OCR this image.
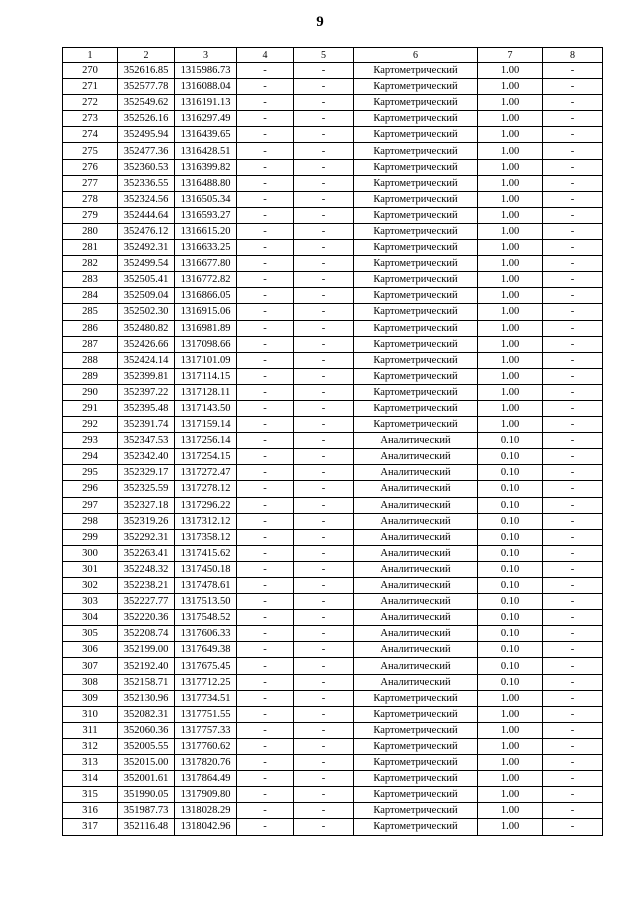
9
1	2	3	4	5	6	7	8
270	352616.85	1315986.73	-	-	Картометрический	1.00	-
271	352577.78	1316088.04	-	-	Картометрический	1.00	-
272	352549.62	1316191.13	-	-	Картометрический	1.00	-
273	352526.16	1316297.49	-	-	Картометрический	1.00	-
274	352495.94	1316439.65	-	-	Картометрический	1.00	-
275	352477.36	1316428.51	-	-	Картометрический	1.00	-
276	352360.53	1316399.82	-	-	Картометрический	1.00	-
277	352336.55	1316488.80	-	-	Картометрический	1.00	-
278	352324.56	1316505.34	-	-	Картометрический	1.00	-
279	352444.64	1316593.27	-	-	Картометрический	1.00	-
280	352476.12	1316615.20	-	-	Картометрический	1.00	-
281	352492.31	1316633.25	-	-	Картометрический	1.00	-
282	352499.54	1316677.80	-	-	Картометрический	1.00	-
283	352505.41	1316772.82	-	-	Картометрический	1.00	-
284	352509.04	1316866.05	-	-	Картометрический	1.00	-
285	352502.30	1316915.06	-	-	Картометрический	1.00	-
286	352480.82	1316981.89	-	-	Картометрический	1.00	-
287	352426.66	1317098.66	-	-	Картометрический	1.00	-
288	352424.14	1317101.09	-	-	Картометрический	1.00	-
289	352399.81	1317114.15	-	-	Картометрический	1.00	-
290	352397.22	1317128.11	-	-	Картометрический	1.00	-
291	352395.48	1317143.50	-	-	Картометрический	1.00	-
292	352391.74	1317159.14	-	-	Картометрический	1.00	-
293	352347.53	1317256.14	-	-	Аналитический	0.10	-
294	352342.40	1317254.15	-	-	Аналитический	0.10	-
295	352329.17	1317272.47	-	-	Аналитический	0.10	-
296	352325.59	1317278.12	-	-	Аналитический	0.10	-
297	352327.18	1317296.22	-	-	Аналитический	0.10	-
298	352319.26	1317312.12	-	-	Аналитический	0.10	-
299	352292.31	1317358.12	-	-	Аналитический	0.10	-
300	352263.41	1317415.62	-	-	Аналитический	0.10	-
301	352248.32	1317450.18	-	-	Аналитический	0.10	-
302	352238.21	1317478.61	-	-	Аналитический	0.10	-
303	352227.77	1317513.50	-	-	Аналитический	0.10	-
304	352220.36	1317548.52	-	-	Аналитический	0.10	-
305	352208.74	1317606.33	-	-	Аналитический	0.10	-
306	352199.00	1317649.38	-	-	Аналитический	0.10	-
307	352192.40	1317675.45	-	-	Аналитический	0.10	-
308	352158.71	1317712.25	-	-	Аналитический	0.10	-
309	352130.96	1317734.51	-	-	Картометрический	1.00	-
310	352082.31	1317751.55	-	-	Картометрический	1.00	-
311	352060.36	1317757.33	-	-	Картометрический	1.00	-
312	352005.55	1317760.62	-	-	Картометрический	1.00	-
313	352015.00	1317820.76	-	-	Картометрический	1.00	-
314	352001.61	1317864.49	-	-	Картометрический	1.00	-
315	351990.05	1317909.80	-	-	Картометрический	1.00	-
316	351987.73	1318028.29	-	-	Картометрический	1.00	-
317	352116.48	1318042.96	-	-	Картометрический	1.00	-
